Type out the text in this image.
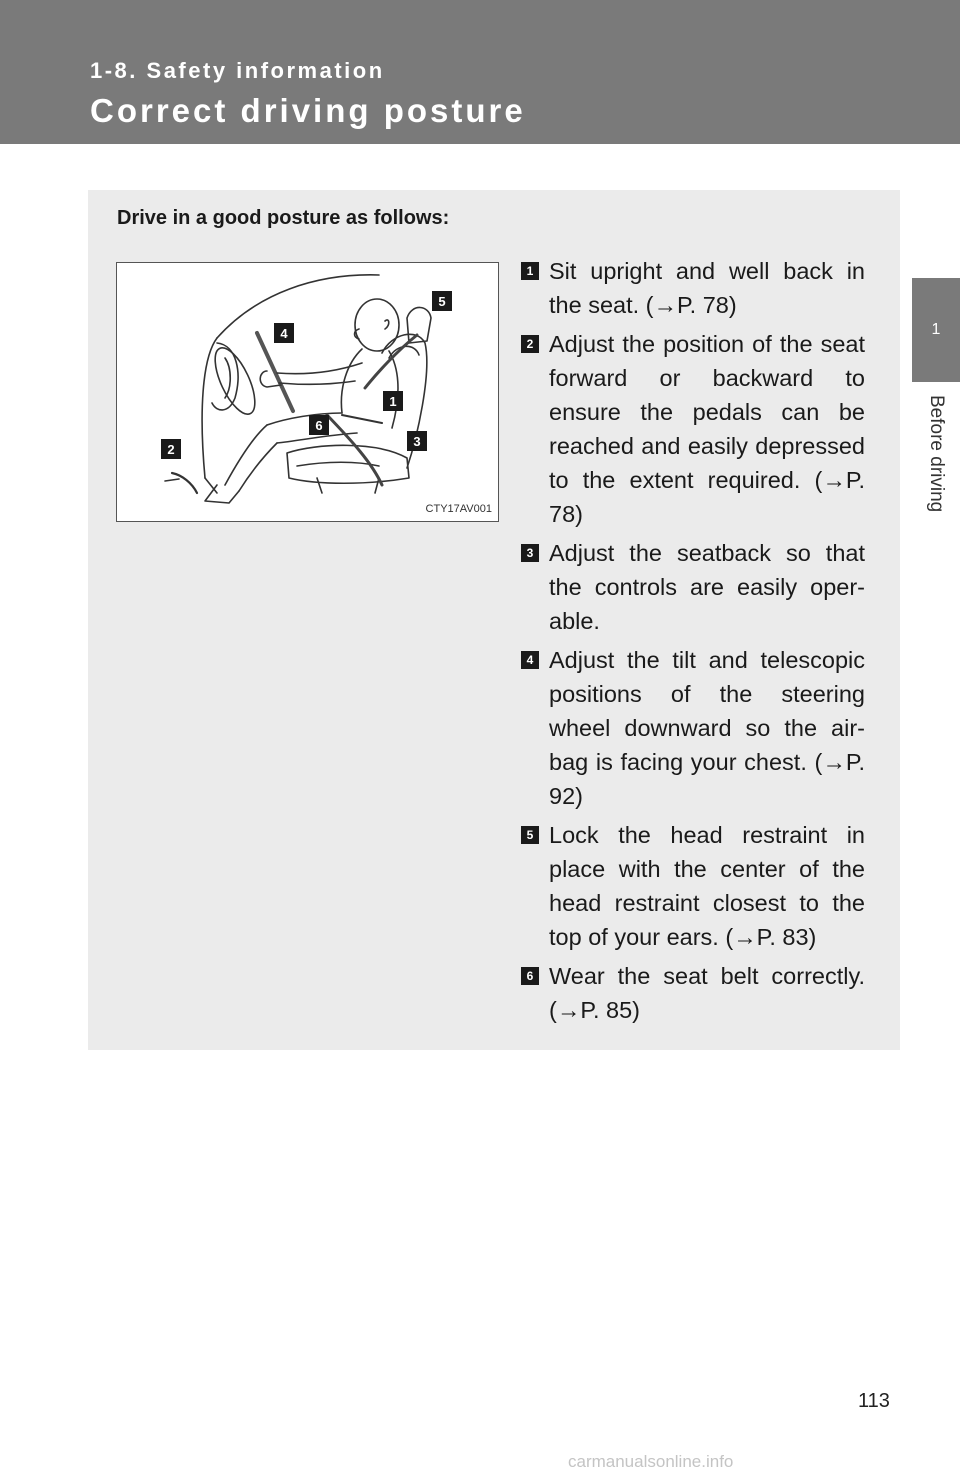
1-8. Safety information
Correct driving posture
1
Before driving
Drive in a good posture as follows:
5
4
1
6
3
2
CTY17AV001
1 Sit upright and well back in the seat. (→P. 78)
2 Adjust the position of the seat forward or backward to ensure the pedals can be reached and easily depressed to the extent required. (→P. 78)
3 Adjust the seatback so that the controls are easily oper-able.
4 Adjust the tilt and telescopic positions of the steering wheel downward so the air-bag is facing your chest. (→P. 92)
5 Lock the head restraint in place with the center of the head restraint closest to the top of your ears. (→P. 83)
6 Wear the seat belt correctly. (→P. 85)
113
carmanualsonline.info
